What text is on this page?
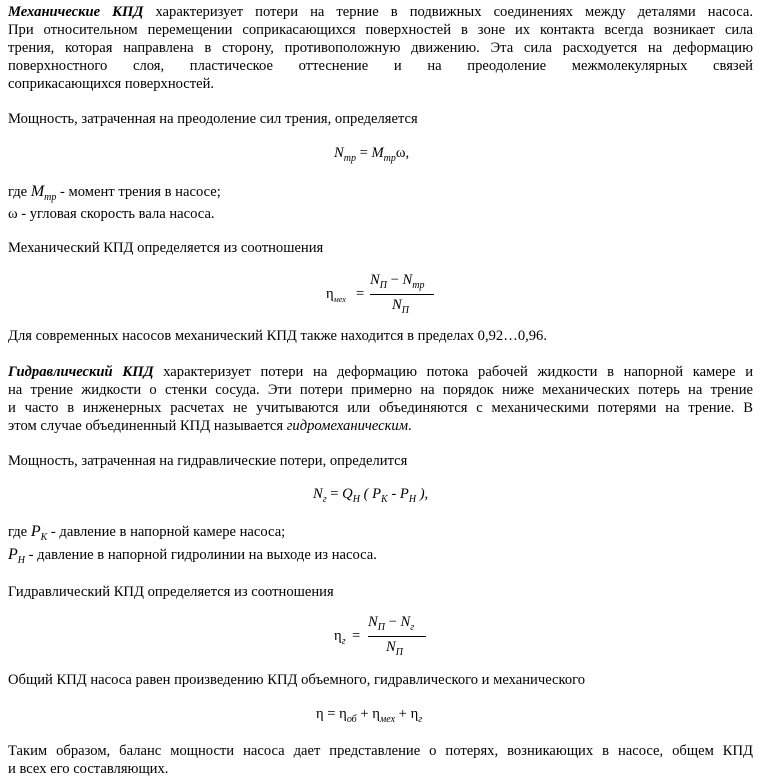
Механические КПД характеризует потери на терние в подвижных соединениях между деталями насоса.
При относительном перемещении соприкасающихся поверхностей в зоне их контакта всегда возникает сила
трения, которая направлена в сторону, противоположную движению. Эта сила расходуется на деформацию
поверхностного слоя, пластическое оттеснение и на преодоление межмолекулярных связей
соприкасающихся поверхностей.
Мощность, затраченная на преодоление сил трения, определяется
$N_{тр} = M_{тр}\omega$,
где $M_{тр}$ - момент трения в насосе;
ω - угловая скорость вала насоса.
Механический КПД определяется из соотношения
$\eta_{мех}$ =
$N_П - N_{тр}$
$N_П$
Для современных насосов механический КПД также находится в пределах 0,92…0,96.
Гидравлический КПД характеризует потери на деформацию потока рабочей жидкости в напорной камере и
на трение жидкости о стенки сосуда. Эти потери примерно на порядок ниже механических потерь на трение
и часто в инженерных расчетах не учитываются или объединяются с механическими потерями на трение. В
этом случае объединенный КПД называется гидромеханическим.
Мощность, затраченная на гидравлические потери, определится
$N_г = Q_H$ ( $P_K - P_H$ ),
где $P_K$ - давление в напорной камере насоса;
$P_H$ - давление в напорной гидролинии на выходе из насоса.
Гидравлический КПД определяется из соотношения
$\eta_г$ =
$N_П - N_г$
$N_П$
Общий КПД насоса равен произведению КПД объемного, гидравлического и механического
$\eta = \eta_{об} + \eta_{мех} + \eta_г$
Таким образом, баланс мощности насоса дает представление о потерях, возникающих в насосе, общем КПД
и всех его составляющих.
